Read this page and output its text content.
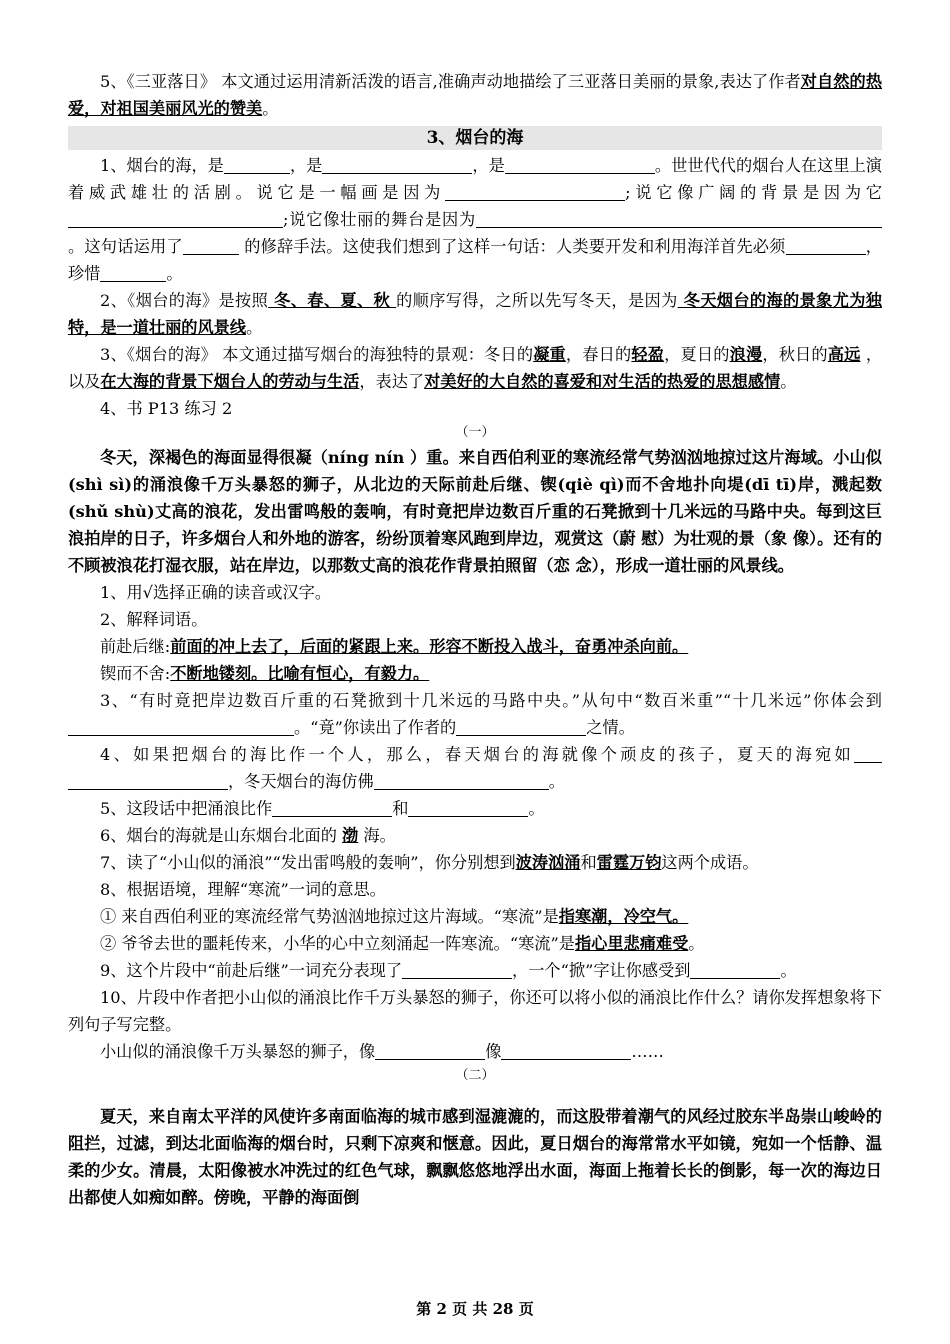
5、《三亚落日》 本文通过运用清新活泼的语言,准确声动地描绘了三亚落日美丽的景象,表达了作者对自然的热爱，对祖国美丽风光的赞美。

3、烟台的海

1、烟台的海，是	，是	，是	。世世代代的烟台人在这里上演着威武雄壮的活剧。说它是一幅画是因为	;说它像广阔的背景是因为它;说它像壮丽的舞台是因为。这句话运用了	的修辞手法。这使我们想到了这样一句话：人类要开发和利用海洋首先必须	，珍惜	。

2、《烟台的海》是按照 冬、春、夏、秋 的顺序写得，之所以先写冬天，是因为 冬天烟台的海的景象尤为独特，是一道壮丽的风景线。

3、《烟台的海》 本文通过描写烟台的海独特的景观：冬日的凝重，春日的轻盈，夏日的浪漫，秋日的高远 ，以及在大海的背景下烟台人的劳动与生活，表达了对美好的大自然的喜爱和对生活的热爱的思想感情。

4、书 P13 练习 2

（一）

冬天，深褐色的海面显得很凝（níng nín ）重。来自西伯利亚的寒流经常气势汹汹地掠过这片海域。小山似(shì sì)的涌浪像千万头暴怒的狮子，从北边的天际前赴后继、锲(qiè qì)而不舍地扑向堤(dī tī)岸，溅起数(shǔ shù)丈高的浪花，发出雷鸣般的轰响，有时竟把岸边数百斤重的石凳掀到十几米远的马路中央。每到这巨浪拍岸的日子，许多烟台人和外地的游客，纷纷顶着寒风跑到岸边，观赏这（蔚 慰）为壮观的景（象 像）。还有的不顾被浪花打湿衣服，站在岸边，以那数丈高的浪花作背景拍照留（恋 念），形成一道壮丽的风景线。

1、用√选择正确的读音或汉字。

2、解释词语。

前赴后继:前面的冲上去了，后面的紧跟上来。形容不断投入战斗，奋勇冲杀向前。

锲而不舍:不断地镂刻。比喻有恒心，有毅力。

3、“有时竟把岸边数百斤重的石凳掀到十几米远的马路中央。”从句中“数百米重”“十几米远”你体会到。“竟”你读出了作者的	之情。

4、如果把烟台的海比作一个人，那么，春天烟台的海就像个顽皮的孩子，夏天的海宛如，冬天烟台的海仿佛	。

5、这段话中把涌浪比作	和	。

6、烟台的海就是山东烟台北面的 渤 海。

7、读了“小山似的涌浪”“发出雷鸣般的轰响”，你分别想到波涛汹涌和雷霆万钧这两个成语。

8、根据语境，理解“寒流”一词的意思。

① 来自西伯利亚的寒流经常气势汹汹地掠过这片海域。“寒流”是指寒潮，冷空气。

② 爷爷去世的噩耗传来，小华的心中立刻涌起一阵寒流。“寒流”是指心里悲痛难受。

9、这个片段中“前赴后继”一词充分表现了	，一个“掀”字让你感受到	。

10、片段中作者把小山似的涌浪比作千万头暴怒的狮子，你还可以将小似的涌浪比作什么？请你发挥想象将下列句子写完整。

小山似的涌浪像千万头暴怒的狮子，像	像	……

（二）

夏天，来自南太平洋的风使许多南面临海的城市感到湿漉漉的，而这股带着潮气的风经过胶东半岛崇山峻岭的阻拦，过滤，到达北面临海的烟台时，只剩下凉爽和惬意。因此，夏日烟台的海常常水平如镜，宛如一个恬静、温柔的少女。清晨，太阳像被水冲洗过的红色气球，飘飘悠悠地浮出水面，海面上拖着长长的倒影，每一次的海边日出都使人如痴如醉。傍晚，平静的海面倒

第 2 页 共 28 页
